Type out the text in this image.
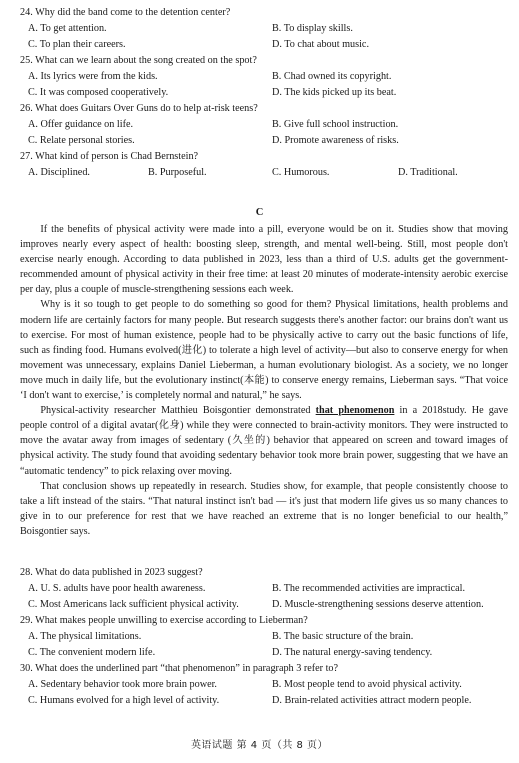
24. Why did the band come to the detention center?
A. To get attention.	B. To display skills.
C. To plan their careers.	D. To chat about music.
25. What can we learn about the song created on the spot?
A. Its lyrics were from the kids.	B. Chad owned its copyright.
C. It was composed cooperatively.	D. The kids picked up its beat.
26. What does Guitars Over Guns do to help at-risk teens?
A. Offer guidance on life.	B. Give full school instruction.
C. Relate personal stories.	D. Promote awareness of risks.
27. What kind of person is Chad Bernstein?
A. Disciplined.	B. Purposeful.	C. Humorous.	D. Traditional.
C

If the benefits of physical activity were made into a pill, everyone would be on it. Studies show that moving improves nearly every aspect of health: boosting sleep, strength, and mental well-being. Still, most people don't exercise nearly enough. According to data published in 2023, less than a third of U.S. adults get the government-recommended amount of physical activity in their free time: at least 20 minutes of moderate-intensity aerobic exercise per day, plus a couple of muscle-strengthening sessions each week.

Why is it so tough to get people to do something so good for them? Physical limitations, health problems and modern life are certainly factors for many people. But research suggests there's another factor: our brains don't want us to exercise. For most of human existence, people had to be physically active to carry out the basic functions of life, such as finding food. Humans evolved(进化) to tolerate a high level of activity—but also to conserve energy for when movement was unnecessary, explains Daniel Lieberman, a human evolutionary biologist. As a society, we no longer move much in daily life, but the evolutionary instinct(本能) to conserve energy remains, Lieberman says. “That voice ‘I don't want to exercise,’ is completely normal and natural,” he says.

Physical-activity researcher Matthieu Boisgontier demonstrated that phenomenon in a 2018study. He gave people control of a digital avatar(化身) while they were connected to brain-activity monitors. They were instructed to move the avatar away from images of sedentary (久坐的) behavior that appeared on screen and toward images of physical activity. The study found that avoiding sedentary behavior took more brain power, suggesting that we have an “automatic tendency” to pick relaxing over moving.

That conclusion shows up repeatedly in research. Studies show, for example, that people consistently choose to take a lift instead of the stairs. “That natural instinct isn't bad — it's just that modern life gives us so many chances to give in to our preference for rest that we have reached an extreme that is no longer beneficial to our health,” Boisgontier says.

28. What do data published in 2023 suggest?
A. U. S. adults have poor health awareness.	B. The recommended activities are impractical.
C. Most Americans lack sufficient physical activity.	D. Muscle-strengthening sessions deserve attention.
29. What makes people unwilling to exercise according to Lieberman?
A. The physical limitations.	B. The basic structure of the brain.
C. The convenient modern life.	D. The natural energy-saving tendency.
30. What does the underlined part “that phenomenon” in paragraph 3 refer to?
A. Sedentary behavior took more brain power.	B. Most people tend to avoid physical activity.
C. Humans evolved for a high level of activity.	D. Brain-related activities attract modern people.
英语试题 第 4 页（共 8 页）
